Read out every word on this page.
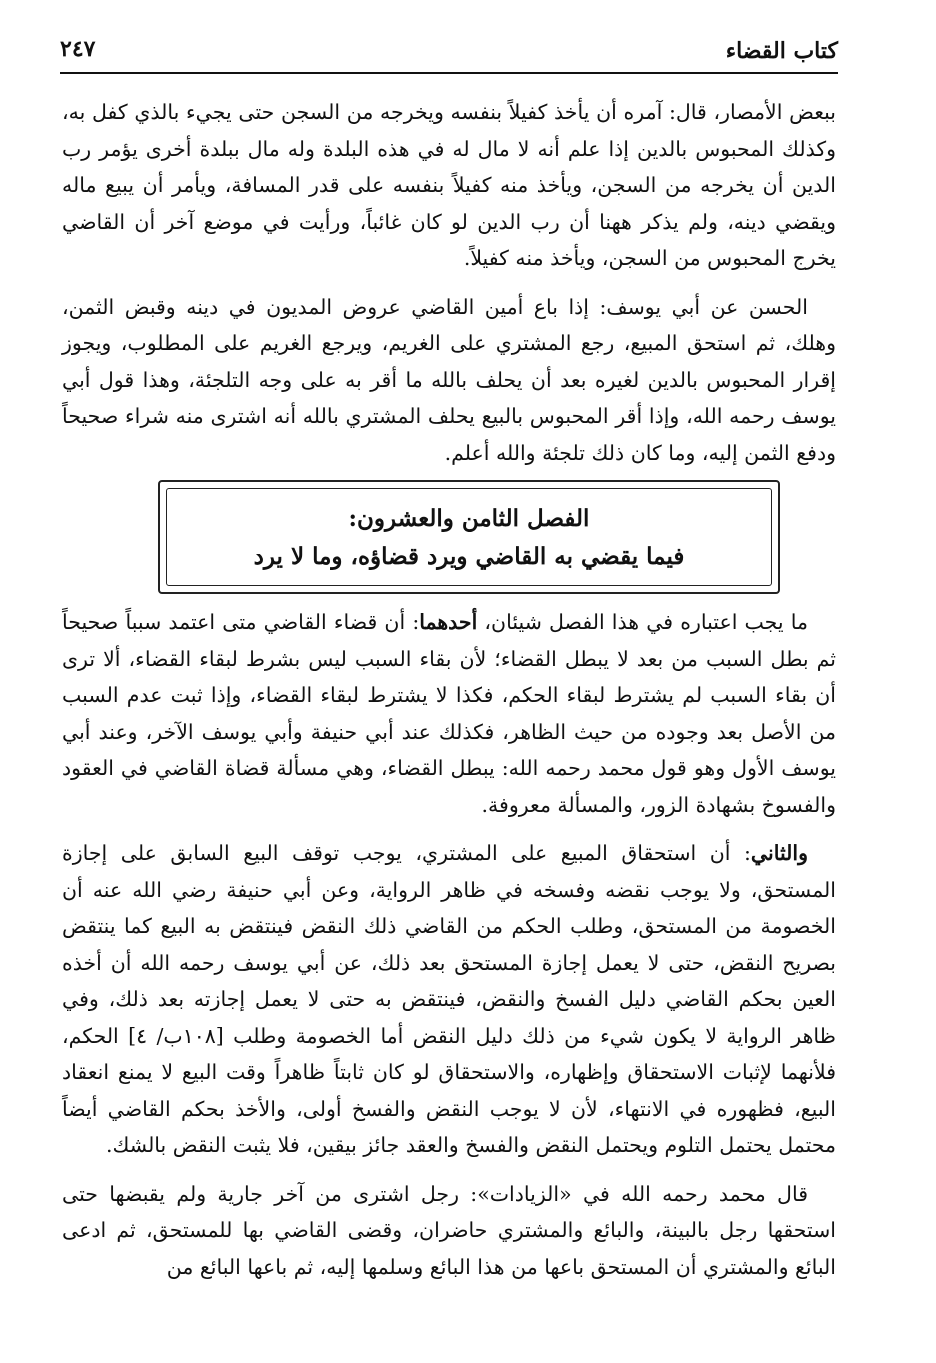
كتاب القضاء
٢٤٧

ببعض الأمصار، قال: آمره أن يأخذ كفيلاً بنفسه ويخرجه من السجن حتى يجيء بالذي كفل به، وكذلك المحبوس بالدين إذا علم أنه لا مال له في هذه البلدة وله مال ببلدة أخرى يؤمر رب الدين أن يخرجه من السجن، ويأخذ منه كفيلاً بنفسه على قدر المسافة، ويأمر أن يبيع ماله ويقضي دينه، ولم يذكر ههنا أن رب الدين لو كان غائباً، ورأيت في موضع آخر أن القاضي يخرج المحبوس من السجن، ويأخذ منه كفيلاً.

الحسن عن أبي يوسف: إذا باع أمين القاضي عروض المديون في دينه وقبض الثمن، وهلك، ثم استحق المبيع، رجع المشتري على الغريم، ويرجع الغريم على المطلوب، ويجوز إقرار المحبوس بالدين لغيره بعد أن يحلف بالله ما أقر به على وجه التلجئة، وهذا قول أبي يوسف رحمه الله، وإذا أقر المحبوس بالبيع يحلف المشتري بالله أنه اشترى منه شراء صحيحاً ودفع الثمن إليه، وما كان ذلك تلجئة والله أعلم.

الفصل الثامن والعشرون:
فيما يقضي به القاضي ويرد قضاؤه، وما لا يرد

ما يجب اعتباره في هذا الفصل شيئان، أحدهما: أن قضاء القاضي متى اعتمد سبباً صحيحاً ثم بطل السبب من بعد لا يبطل القضاء؛ لأن بقاء السبب ليس بشرط لبقاء القضاء، ألا ترى أن بقاء السبب لم يشترط لبقاء الحكم، فكذا لا يشترط لبقاء القضاء، وإذا ثبت عدم السبب من الأصل بعد وجوده من حيث الظاهر، فكذلك عند أبي حنيفة وأبي يوسف الآخر، وعند أبي يوسف الأول وهو قول محمد رحمه الله: يبطل القضاء، وهي مسألة قضاة القاضي في العقود والفسوخ بشهادة الزور، والمسألة معروفة.

والثاني: أن استحقاق المبيع على المشتري، يوجب توقف البيع السابق على إجازة المستحق، ولا يوجب نقضه وفسخه في ظاهر الرواية، وعن أبي حنيفة رضي الله عنه أن الخصومة من المستحق، وطلب الحكم من القاضي ذلك النقض فينتقض به البيع كما ينتقض بصريح النقض، حتى لا يعمل إجازة المستحق بعد ذلك، عن أبي يوسف رحمه الله أن أخذه العين بحكم القاضي دليل الفسخ والنقض، فينتقض به حتى لا يعمل إجازته بعد ذلك، وفي ظاهر الرواية لا يكون شيء من ذلك دليل النقض أما الخصومة وطلب [١٠٨ب/ ٤] الحكم، فلأنهما لإثبات الاستحقاق وإظهاره، والاستحقاق لو كان ثابتاً ظاهراً وقت البيع لا يمنع انعقاد البيع، فظهوره في الانتهاء، لأن لا يوجب النقض والفسخ أولى، والأخذ بحكم القاضي أيضاً محتمل يحتمل التلوم ويحتمل النقض والفسخ والعقد جائز بيقين، فلا يثبت النقض بالشك.

قال محمد رحمه الله في «الزيادات»: رجل اشترى من آخر جارية ولم يقبضها حتى استحقها رجل بالبينة، والبائع والمشتري حاضران، وقضى القاضي بها للمستحق، ثم ادعى البائع والمشتري أن المستحق باعها من هذا البائع وسلمها إليه، ثم باعها البائع من
